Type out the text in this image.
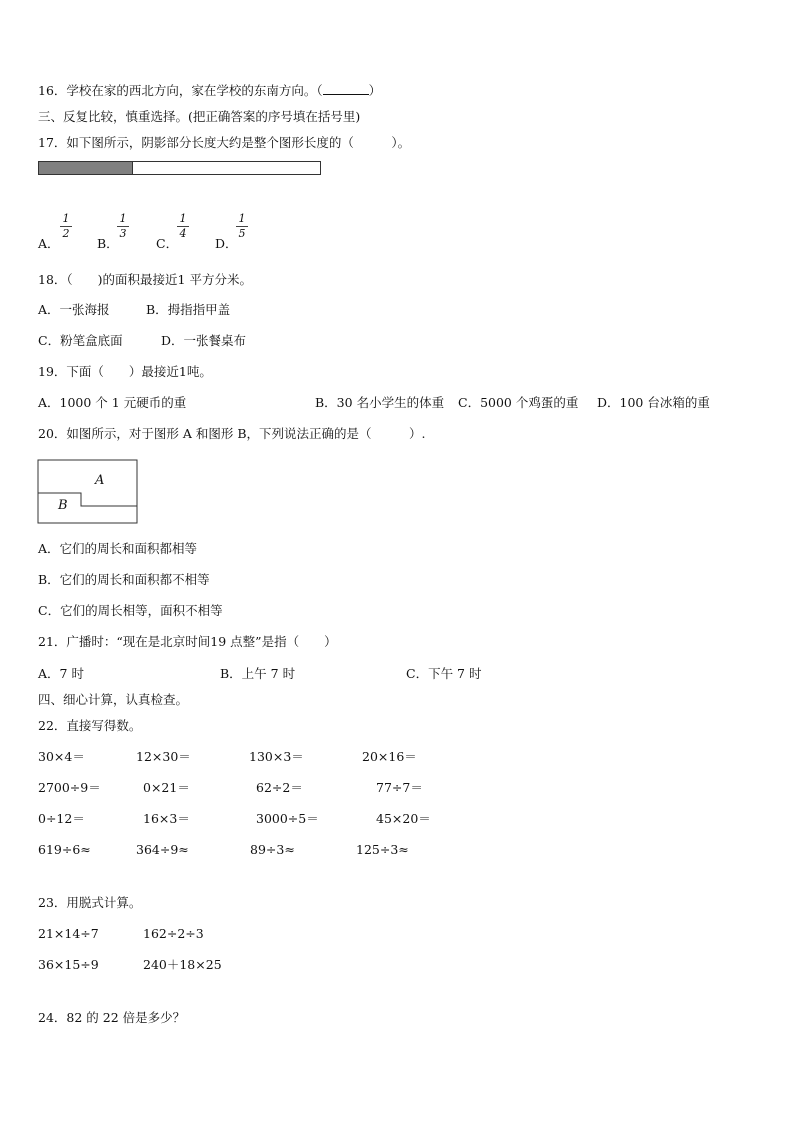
16．学校在家的西北方向，家在学校的东南方向。（	）
三、反复比较，慎重选择。(把正确答案的序号填在括号里)
17．如下图所示，阴影部分长度大约是整个图形长度的（　　　）。
A．
1
2
B．
1
3
C．
1
4
D．
1
5
18．（　　)的面积最接近1 平方分米。
A．一张海报	B．拇指指甲盖
C．粉笔盒底面	D．一张餐桌布
19．下面（　　）最接近1吨。
A．1000 个 1 元硬币的重	B．30 名小学生的体重 C．5000 个鸡蛋的重 D．100 台冰箱的重
20．如图所示，对于图形 A 和图形 B，下列说法正确的是（　　　）.
A
B
A．它们的周长和面积都相等
B．它们的周长和面积都不相等
C．它们的周长相等，面积不相等
21．广播时：“现在是北京时间19 点整”是指（　　）
A．7 时	B．上午 7 时	C．下午 7 时
四、细心计算，认真检查。
22．直接写得数。
30×4＝	12×30＝	130×3＝	20×16＝
2700÷9＝	0×21＝	62÷2＝	77÷7＝
0÷12＝	16×3＝	3000÷5＝	45×20＝
619÷6≈	364÷9≈	89÷3≈	125÷3≈
23．用脱式计算。
21×14÷7	162÷2÷3
36×15÷9	240＋18×25
24．82 的 22 倍是多少？
